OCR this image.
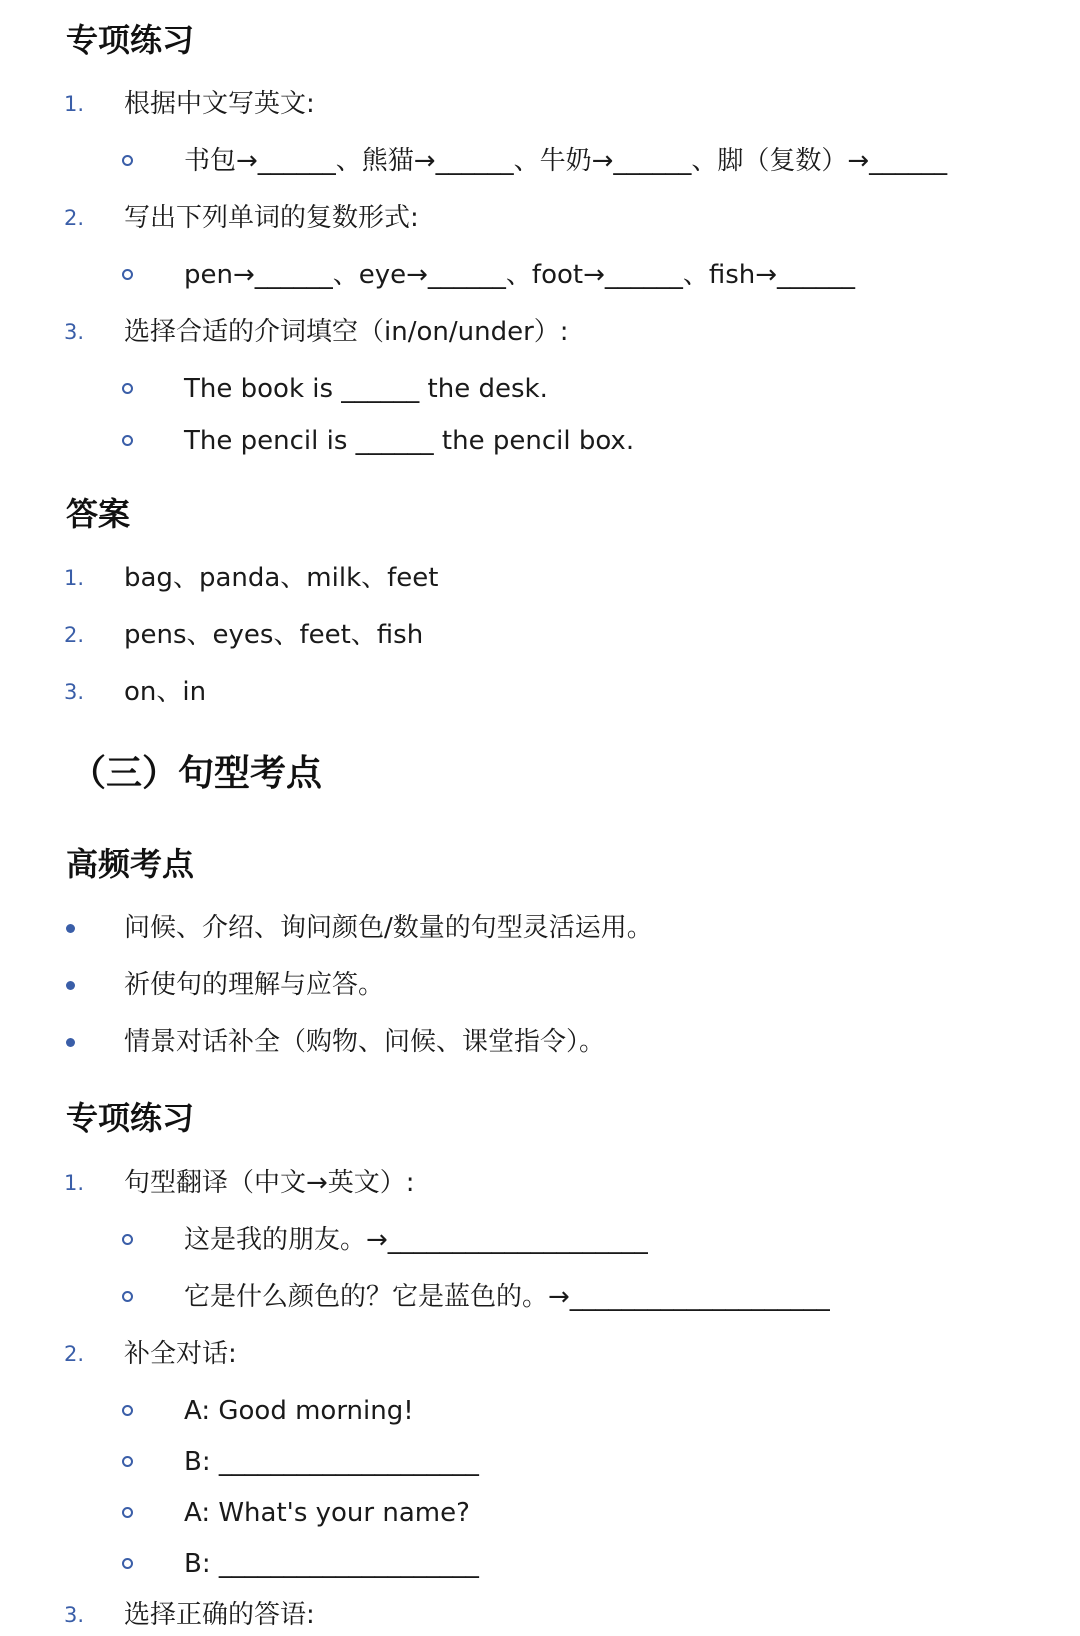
专项练习
1.	根据中文写英文:
书包→______、熊猫→______、牛奶→______、脚（复数）→______
2.	写出下列单词的复数形式:
pen→______、eye→______、foot→______、fish→______
3.	选择合适的介词填空（in/on/under）:
The book is ______ the desk.
The pencil is ______ the pencil box.
答案
1.	bag、panda、milk、feet
2.	pens、eyes、feet、fish
3.	on、in
（三）句型考点
高频考点
问候、介绍、询问颜色/数量的句型灵活运用。
祈使句的理解与应答。
情景对话补全（购物、问候、课堂指令）。
专项练习
1.	句型翻译（中文→英文）:
这是我的朋友。→____________________
它是什么颜色的？它是蓝色的。→____________________
2.	补全对话:
A: Good morning!
B: ____________________
A: What's your name?
B: ____________________
3.	选择正确的答语:
